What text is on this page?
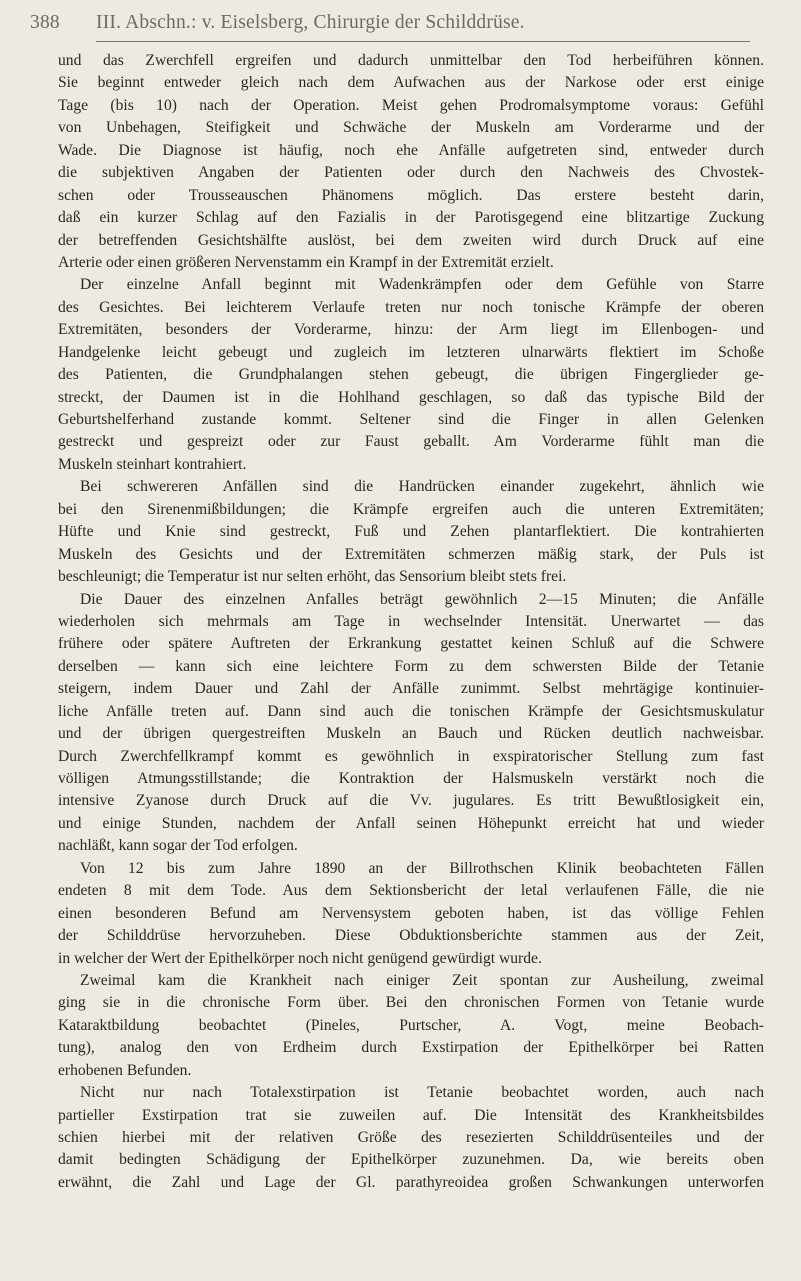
388 III. Abschn.: v. Eiselsberg, Chirurgie der Schilddrüse.
und das Zwerchfell ergreifen und dadurch unmittelbar den Tod herbeiführen können.
Sie beginnt entweder gleich nach dem Aufwachen aus der Narkose oder erst einige
Tage (bis 10) nach der Operation. Meist gehen Prodromalsymptome voraus: Gefühl
von Unbehagen, Steifigkeit und Schwäche der Muskeln am Vorderarme und der
Wade. Die Diagnose ist häufig, noch ehe Anfälle aufgetreten sind, entweder durch
die subjektiven Angaben der Patienten oder durch den Nachweis des Chvostek-
schen oder Trousseauschen Phänomens möglich. Das erstere besteht darin,
daß ein kurzer Schlag auf den Fazialis in der Parotisgegend eine blitzartige Zuckung
der betreffenden Gesichtshälfte auslöst, bei dem zweiten wird durch Druck auf eine
Arterie oder einen größeren Nervenstamm ein Krampf in der Extremität erzielt.
Der einzelne Anfall beginnt mit Wadenkrämpfen oder dem Gefühle von Starre
des Gesichtes. Bei leichterem Verlaufe treten nur noch tonische Krämpfe der oberen
Extremitäten, besonders der Vorderarme, hinzu: der Arm liegt im Ellenbogen- und
Handgelenke leicht gebeugt und zugleich im letzteren ulnarwärts flektiert im Schoße
des Patienten, die Grundphalangen stehen gebeugt, die übrigen Fingerglieder ge-
streckt, der Daumen ist in die Hohlhand geschlagen, so daß das typische Bild der
Geburtshelferhand zustande kommt. Seltener sind die Finger in allen Gelenken
gestreckt und gespreizt oder zur Faust geballt. Am Vorderarme fühlt man die
Muskeln steinhart kontrahiert.
Bei schwereren Anfällen sind die Handrücken einander zugekehrt, ähnlich wie
bei den Sirenenmißbildungen; die Krämpfe ergreifen auch die unteren Extremitäten;
Hüfte und Knie sind gestreckt, Fuß und Zehen plantarflektiert. Die kontrahierten
Muskeln des Gesichts und der Extremitäten schmerzen mäßig stark, der Puls ist
beschleunigt; die Temperatur ist nur selten erhöht, das Sensorium bleibt stets frei.
Die Dauer des einzelnen Anfalles beträgt gewöhnlich 2—15 Minuten; die Anfälle
wiederholen sich mehrmals am Tage in wechselnder Intensität. Unerwartet — das
frühere oder spätere Auftreten der Erkrankung gestattet keinen Schluß auf die Schwere
derselben — kann sich eine leichtere Form zu dem schwersten Bilde der Tetanie
steigern, indem Dauer und Zahl der Anfälle zunimmt. Selbst mehrtägige kontinuier-
liche Anfälle treten auf. Dann sind auch die tonischen Krämpfe der Gesichtsmuskulatur
und der übrigen quergestreiften Muskeln an Bauch und Rücken deutlich nachweisbar.
Durch Zwerchfellkrampf kommt es gewöhnlich in exspiratorischer Stellung zum fast
völligen Atmungsstillstande; die Kontraktion der Halsmuskeln verstärkt noch die
intensive Zyanose durch Druck auf die Vv. jugulares. Es tritt Bewußtlosigkeit ein,
und einige Stunden, nachdem der Anfall seinen Höhepunkt erreicht hat und wieder
nachläßt, kann sogar der Tod erfolgen.
Von 12 bis zum Jahre 1890 an der Billrothschen Klinik beobachteten Fällen
endeten 8 mit dem Tode. Aus dem Sektionsbericht der letal verlaufenen Fälle, die nie
einen besonderen Befund am Nervensystem geboten haben, ist das völlige Fehlen
der Schilddrüse hervorzuheben. Diese Obduktionsberichte stammen aus der Zeit,
in welcher der Wert der Epithelkörper noch nicht genügend gewürdigt wurde.
Zweimal kam die Krankheit nach einiger Zeit spontan zur Ausheilung, zweimal
ging sie in die chronische Form über. Bei den chronischen Formen von Tetanie wurde
Kataraktbildung beobachtet (Pineles, Purtscher, A. Vogt, meine Beobach-
tung), analog den von Erdheim durch Exstirpation der Epithelkörper bei Ratten
erhobenen Befunden.
Nicht nur nach Totalexstirpation ist Tetanie beobachtet worden, auch nach
partieller Exstirpation trat sie zuweilen auf. Die Intensität des Krankheitsbildes
schien hierbei mit der relativen Größe des resezierten Schilddrüsenteiles und der
damit bedingten Schädigung der Epithelkörper zuzunehmen. Da, wie bereits oben
erwähnt, die Zahl und Lage der Gl. parathyreoidea großen Schwankungen unterworfen
